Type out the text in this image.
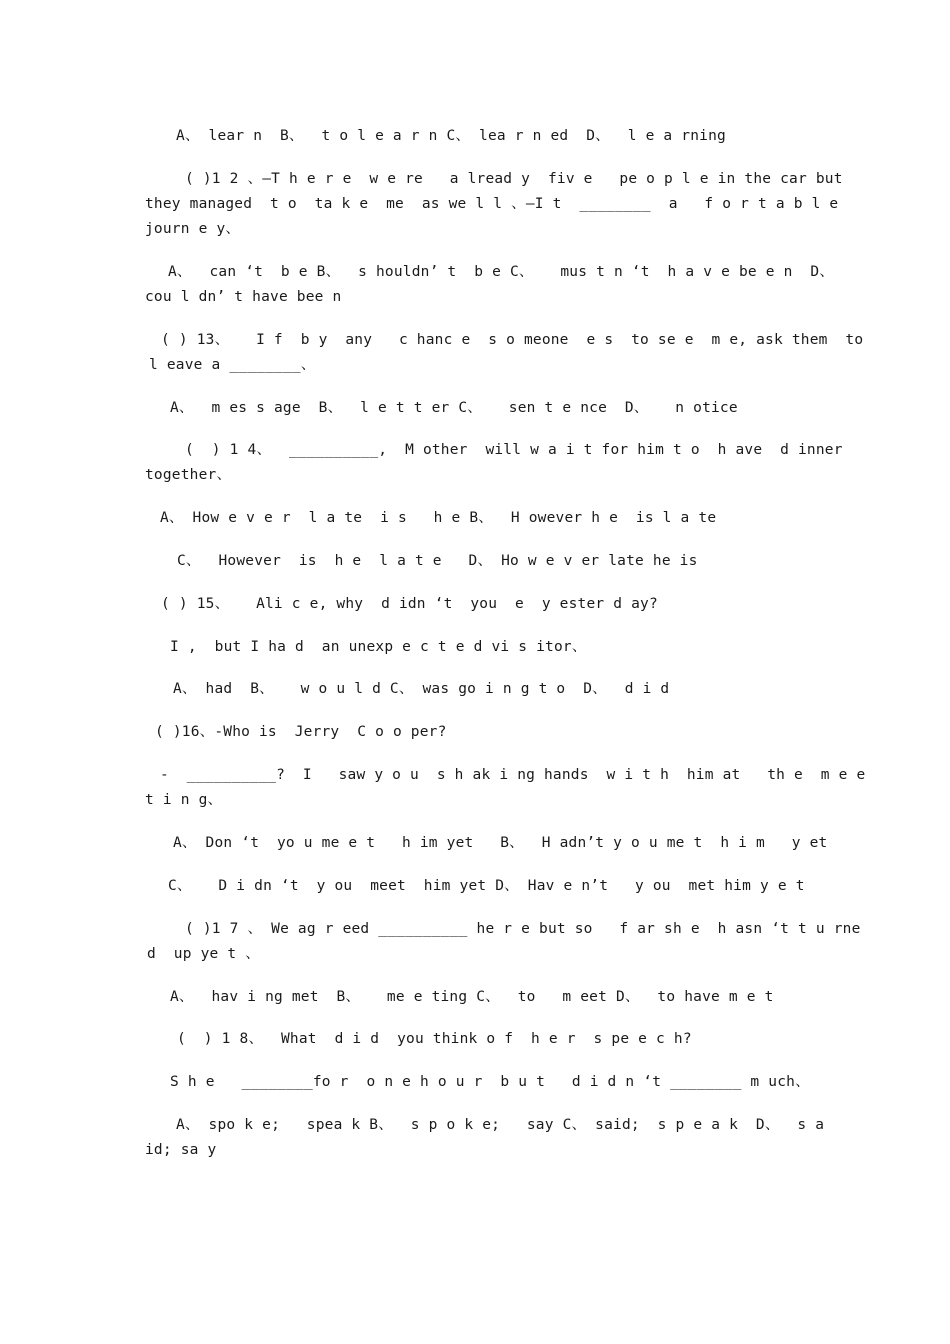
A、 lear n  B、  t o l e a r n C、 lea r n ed  D、  l e a rning
( )1 2 、—T h e r e  w e re   a lread y  fiv e   pe o p l e in the car but
they managed  t o  ta k e  me  as we l l 、—I t  ________  a   f o r t a b l e
journ e y、
A、  can ‘t  b e B、  s houldn’ t  b e C、   mus t n ‘t  h a v e be e n  D、
cou l dn’ t have bee n
( ) 13、   I f  b y  any   c hanc e  s o meone  e s  to se e  m e, ask them  to
l eave a ________、
A、  m es s age  B、  l e t t er C、   sen t e nce  D、   n otice
(  ) 1 4、  __________,  M other  will w a i t for him t o  h ave  d inner
together、
A、 How e v e r  l a te  i s   h e B、  H owever h e  is l a te
C、  However  is  h e  l a t e   D、 Ho w e v er late he is
( ) 15、   Ali c e, why  d idn ‘t  you  e  y ester d ay?
I ,  but I ha d  an unexp e c t e d vi s itor、
A、 had  B、   w o u l d C、 was go i n g t o  D、  d i d
( )16、-Who is  Jerry  C o o per?
-  __________?  I   saw y o u  s h ak i ng hands  w i t h  him at   th e  m e e
t i n g、
A、 Don ‘t  yo u me e t   h im yet   B、  H adn’t y o u me t  h i m   y et
C、   D i dn ‘t  y ou  meet  him yet D、 Hav e n’t   y ou  met him y e t
( )1 7 、 We ag r eed __________ he r e but so   f ar sh e  h asn ‘t t u rne
d  up ye t 、
A、  hav i ng met  B、   me e ting C、  to   m eet D、  to have m e t
(  ) 1 8、  What  d i d  you think o f  h e r  s pe e c h?
S h e   ________fo r  o n e h o u r  b u t   d i d n ‘t ________ m uch、
A、 spo k e;   spea k B、  s p o k e;   say C、 said;  s p e a k  D、  s a
id; sa y
